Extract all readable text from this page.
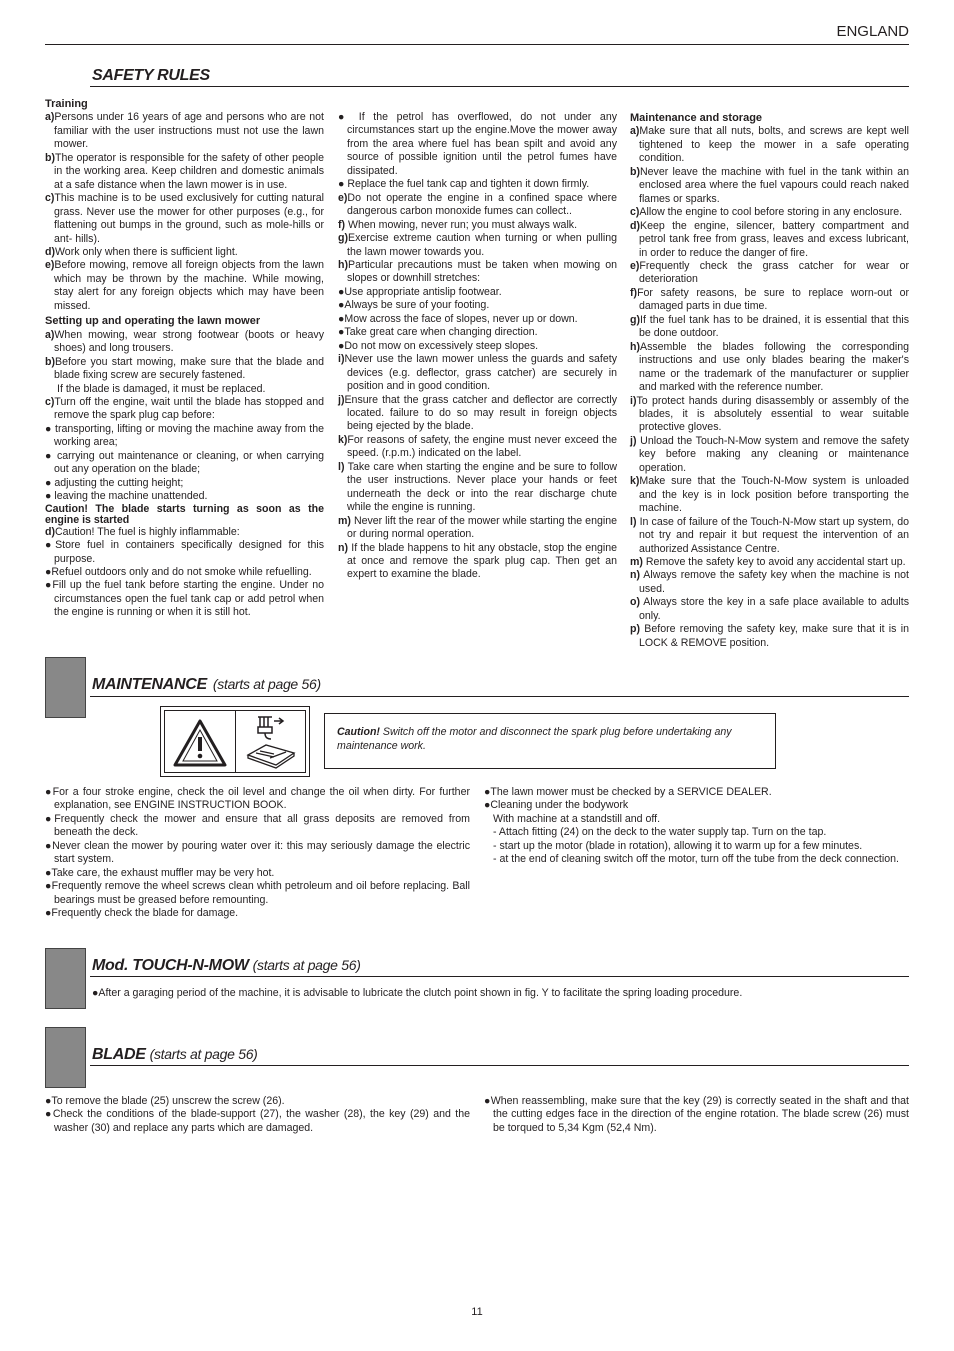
ENGLAND
SAFETY RULES
Training

a)Persons under 16 years of age and persons who are not familiar with the user instructions must not use the lawn mower.

b)The operator is responsible for the safety of other people in the working area. Keep children and domestic animals at a safe distance when the lawn mower is in use.

c)This machine is to be used exclusively for cutting natural grass. Never use the mower for other purposes (e.g., for flattening out bumps in the ground, such as mole-hills or ant- hills).

d)Work only when there is sufficient light.

e)Before mowing, remove all foreign objects from the lawn which may be thrown by the machine. While mowing, stay alert for any foreign objects which may have been missed.

Setting up and operating the lawn mower

a)When mowing, wear strong footwear (boots or heavy shoes) and long trousers.

b)Before you start mowing, make sure that the blade and blade fixing screw are securely fastened.

If the blade is damaged, it must be replaced.

c)Turn off the engine, wait until the blade has stopped and remove the spark plug cap before:

● transporting, lifting or moving the machine away from the working area;

● carrying out maintenance or cleaning, or when carrying out any operation on the blade;

● adjusting the cutting height;

● leaving the machine unattended.

Caution! The blade starts turning as soon as the engine is started

d)Caution! The fuel is highly inflammable:

●Store fuel in containers specifically designed for this purpose.

●Refuel outdoors only and do not smoke while refuelling.

●Fill up the fuel tank before starting the engine. Under no circumstances open the fuel tank cap or add petrol when the engine is running or when it is still hot.

● If the petrol has overflowed, do not under any circumstances start up the engine.Move the mower away from the area where fuel has bean spilt and avoid any source of possible ignition until the petrol fumes have dissipated.

● Replace the fuel tank cap and tighten it down firmly.

e)Do not operate the engine in a confined space where dangerous carbon monoxide fumes can collect..

f) When mowing, never run; you must always walk.

g)Exercise extreme caution when turning or when pulling the lawn mower towards you.

h)Particular precautions must be taken when mowing on slopes or downhill stretches:

●Use appropriate antislip footwear.

●Always be sure of your footing.

●Mow across the face of slopes, never up or down.

●Take great care when changing direction.

●Do not mow on excessively steep slopes.

i)Never use the lawn mower unless the guards and safety devices (e.g. deflector, grass catcher) are securely in position and in good condition.

j)Ensure that the grass catcher and deflector are correctly located. failure to do so may result in foreign objects being ejected by the blade.

k)For reasons of safety, the engine must never exceed the speed. (r.p.m.) indicated on the label.

l) Take care when starting the engine and be sure to follow the user instructions. Never place your hands or feet underneath the deck or into the rear discharge chute while the engine is running.

m) Never lift the rear of the mower while starting the engine or during normal operation.

n) If the blade happens to hit any obstacle, stop the engine at once and remove the spark plug cap. Then get an expert to examine the blade.

Maintenance and storage

a)Make sure that all nuts, bolts, and screws are kept well tightened to keep the mower in a safe operating condition.

b)Never leave the machine with fuel in the tank within an enclosed area where the fuel vapours could reach naked flames or sparks.

c)Allow the engine to cool before storing in any enclosure.

d)Keep the engine, silencer, battery compartment and petrol tank free from grass, leaves and excess lubricant, in order to reduce the danger of fire.

e)Frequently check the grass catcher for wear or deterioration

f)For safety reasons, be sure to replace worn-out or damaged parts in due time.

g)If the fuel tank has to be drained, it is essential that this be done outdoor.

h)Assemble the blades following the corresponding instructions and use only blades bearing the maker's name or the trademark of the manufacturer or supplier and marked with the reference number.

i)To protect hands during disassembly or assembly of the blades, it is absolutely essential to wear suitable protective gloves.

j) Unload the Touch-N-Mow system and remove the safety key before making any cleaning or maintenance operation.

k)Make sure that the Touch-N-Mow system is unloaded and the key is in lock position before transporting the machine.

l) In case of failure of the Touch-N-Mow start up system, do not try and repair it but request the intervention of an authorized Assistance Centre.

m) Remove the safety key to avoid any accidental start up.

n) Always remove the safety key when the machine is not used.

o) Always store the key in a safe place available to adults only.

p) Before removing the safety key, make sure that it is in LOCK & REMOVE position.

MAINTENANCE (starts at page 56)
Caution! Switch off the motor and disconnect the spark plug before undertaking any maintenance work.

●For a four stroke engine, check the oil level and change the oil when dirty. For further explanation, see ENGINE INSTRUCTION BOOK.

●Frequently check the mower and ensure that all grass deposits are removed from beneath the deck.

●Never clean the mower by pouring water over it: this may seriously damage the electric start system.

●Take care, the exhaust muffler may be very hot.

●Frequently remove the wheel screws clean whith petroleum and oil before replacing. Ball bearings must be greased before remounting.

●Frequently check the blade for damage.

●The lawn mower must be checked by a SERVICE DEALER.

●Cleaning under the bodywork

With machine at a standstill and off.

- Attach fitting (24) on the deck to the water supply tap. Turn on the tap.

- start up the motor (blade in rotation), allowing it to warm up for a few minutes.

- at the end of cleaning switch off the motor, turn off the tube from the deck connection.

Mod. TOUCH-N-MOW (starts at page 56)

●After a garaging period of the machine, it is advisable to lubricate the clutch point shown in fig. Y to facilitate the spring loading procedure.

BLADE (starts at page 56)

●To remove the blade (25) unscrew the screw (26).

●Check the conditions of the blade-support (27), the washer (28), the key (29) and the washer (30) and replace any parts which are damaged.

●When reassembling, make sure that the key (29) is correctly seated in the shaft and that the cutting edges face in the direction of the engine rotation. The blade screw (26) must be torqued to 5,34 Kgm (52,4 Nm).

11
